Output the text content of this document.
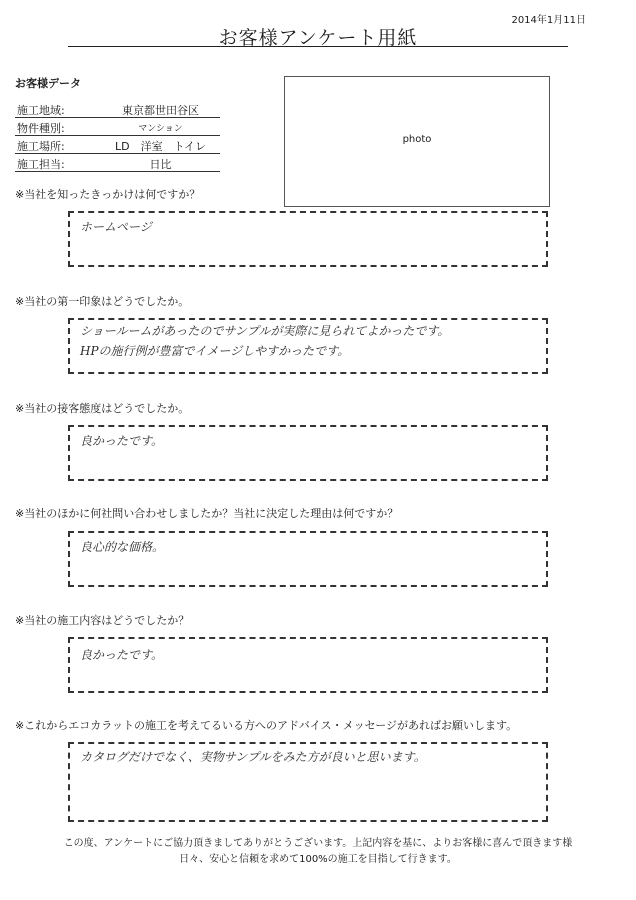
2014年1月11日
お客様アンケート用紙
お客様データ
施工地域:	東京都世田谷区
物件種別:	マンション
施工場所:	LD　洋室　トイレ
施工担当:	日比
photo
※当社を知ったきっかけは何ですか？
ホームページ
※当社の第一印象はどうでしたか。
ショールームがあったのでサンプルが実際に見られてよかったです。
HPの施行例が豊富でイメージしやすかったです。
※当社の接客態度はどうでしたか。
良かったです。
※当社のほかに何社問い合わせしましたか？当社に決定した理由は何ですか？
良心的な価格。
※当社の施工内容はどうでしたか？
良かったです。
※これからエコカラットの施工を考えてるいる方へのアドバイス・メッセージがあればお願いします。
カタログだけでなく、実物サンプルをみた方が良いと思います。
この度、アンケートにご協力頂きましてありがとうございます。上記内容を基に、よりお客様に喜んで頂きます様
日々、安心と信頼を求めて100%の施工を目指して行きます。
